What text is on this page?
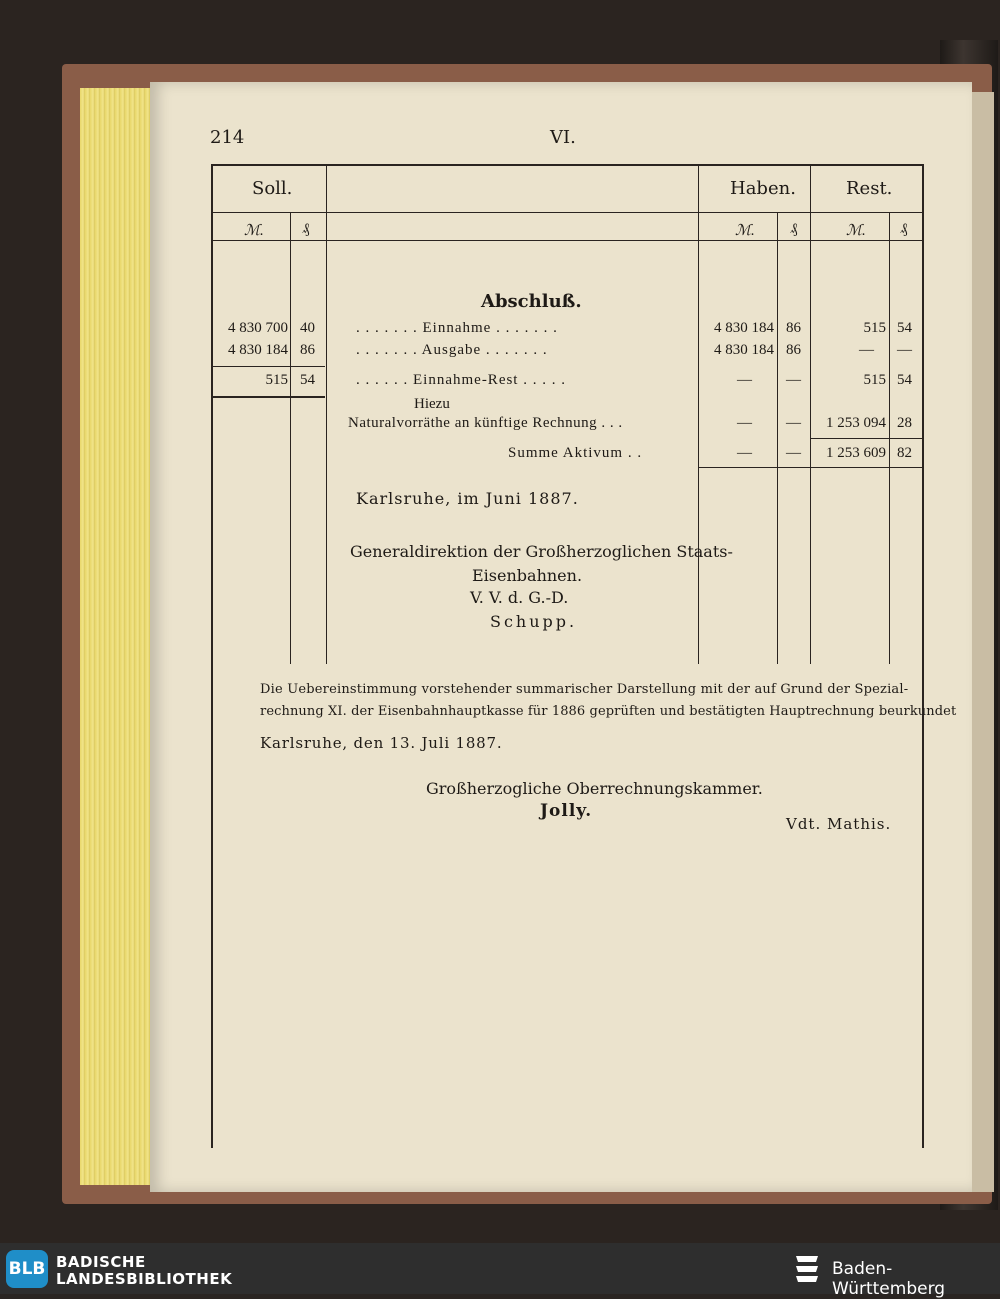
214	VI.
Soll.	Haben.	Rest.
ℳ.	₰	ℳ. ₰	ℳ. ₰
Abschluß.
4 830 700 40	. . . . . . . Einnahme . . . . . . .	4 830 184 86	515 54
4 830 184 86	. . . . . . . Ausgabe . . . . . . .	4 830 184 86	— —
515 54	. . . . . . Einnahme-Rest . . . . .	— —	515 54
Hiezu
Naturalvorräthe an künftige Rechnung . . .	— —	1 253 094 28
Summe Aktivum . .	— —	1 253 609 82
Karlsruhe, im Juni 1887.
Generaldirektion der Großherzoglichen Staats-
Eisenbahnen.
V. V. d. G.-D.
Schupp.
Die Uebereinstimmung vorstehender summarischer Darstellung mit der auf Grund der Spezial-
rechnung XI. der Eisenbahnhauptkasse für 1886 geprüften und bestätigten Hauptrechnung beurkundet
Karlsruhe, den 13. Juli 1887.
Großherzogliche Oberrechnungskammer.
Jolly.
Vdt. Mathis.
BLB BADISCHE
LANDESBIBLIOTHEK	Baden-Württemberg
